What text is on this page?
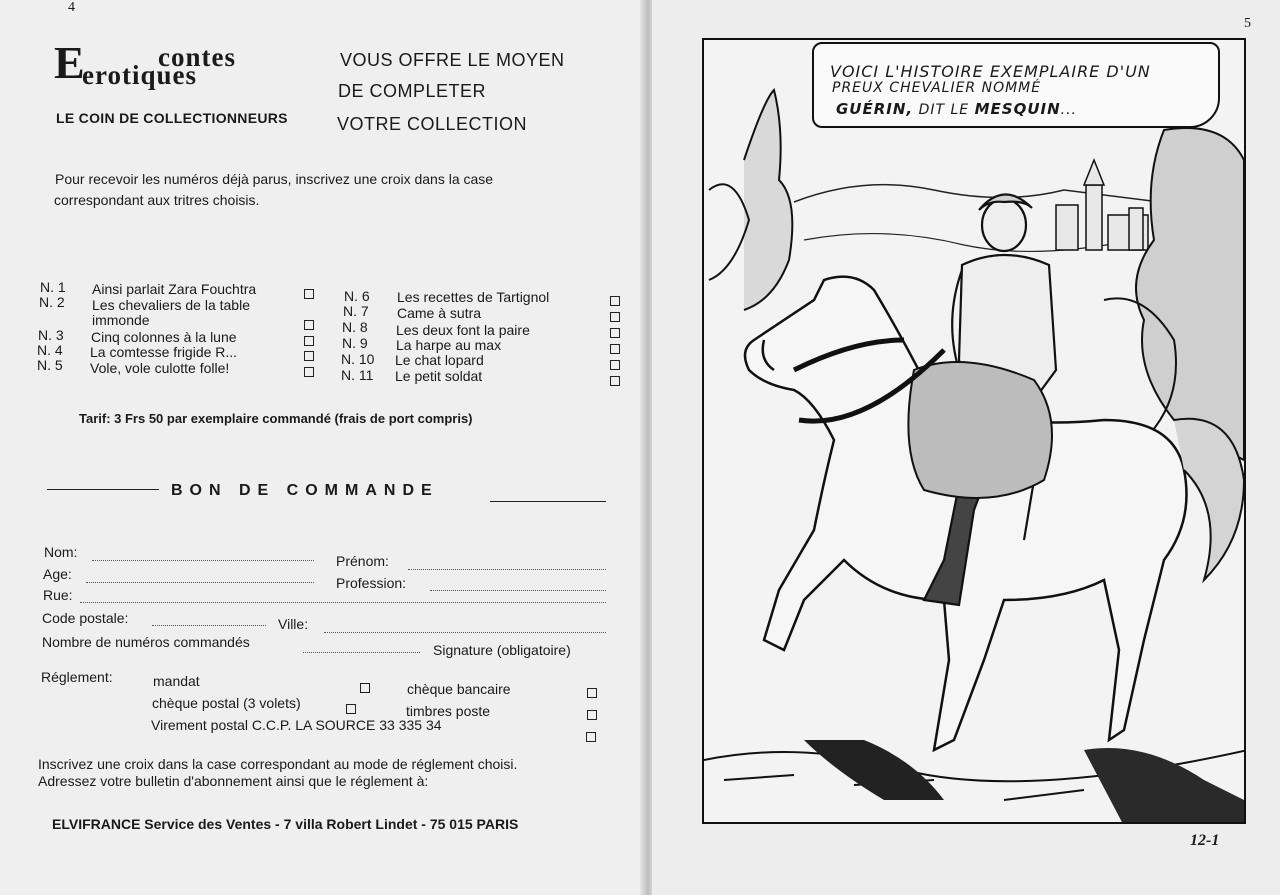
4
E	contes
erotiques	VOUS OFFRE LE MOYEN
DE COMPLETER
VOTRE COLLECTION
LE COIN DE COLLECTIONNEURS
Pour recevoir les numéros déjà parus, inscrivez une croix dans la case
correspondant aux tritres choisis.
N. 1 Ainsi parlait Zara Fouchtra
N. 2 Les chevaliers de la table
immonde
N. 3 Cinq colonnes à la lune
N. 4 La comtesse frigide R...
N. 5 Vole, vole culotte folle!
N. 6 Les recettes de Tartignol
N. 7 Came à sutra
N. 8 Les deux font la paire
N. 9 La harpe au max
N. 10 Le chat lopard
N. 11 Le petit soldat
Tarif: 3 Frs 50 par exemplaire commandé (frais de port compris)
BON DE COMMANDE
Nom:
Prénom:
Age:
Profession:
Rue:
Code postale:	Ville:
Nombre de numéros commandés	Signature (obligatoire)
Réglement:	mandat	chèque bancaire
chèque postal (3 volets)	timbres poste
Virement postal C.C.P. LA SOURCE 33 335 34
Inscrivez une croix dans la case correspondant au mode de réglement choisi.
Adressez votre bulletin d'abonnement ainsi que le réglement à:
ELVIFRANCE Service des Ventes - 7 villa Robert Lindet - 75 015 PARIS
5
VOICI L'HISTOIRE EXEMPLAIRE D'UN
PREUX CHEVALIER NOMMÉ
GUÉRIN, DIT LE MESQUIN...
12-1
